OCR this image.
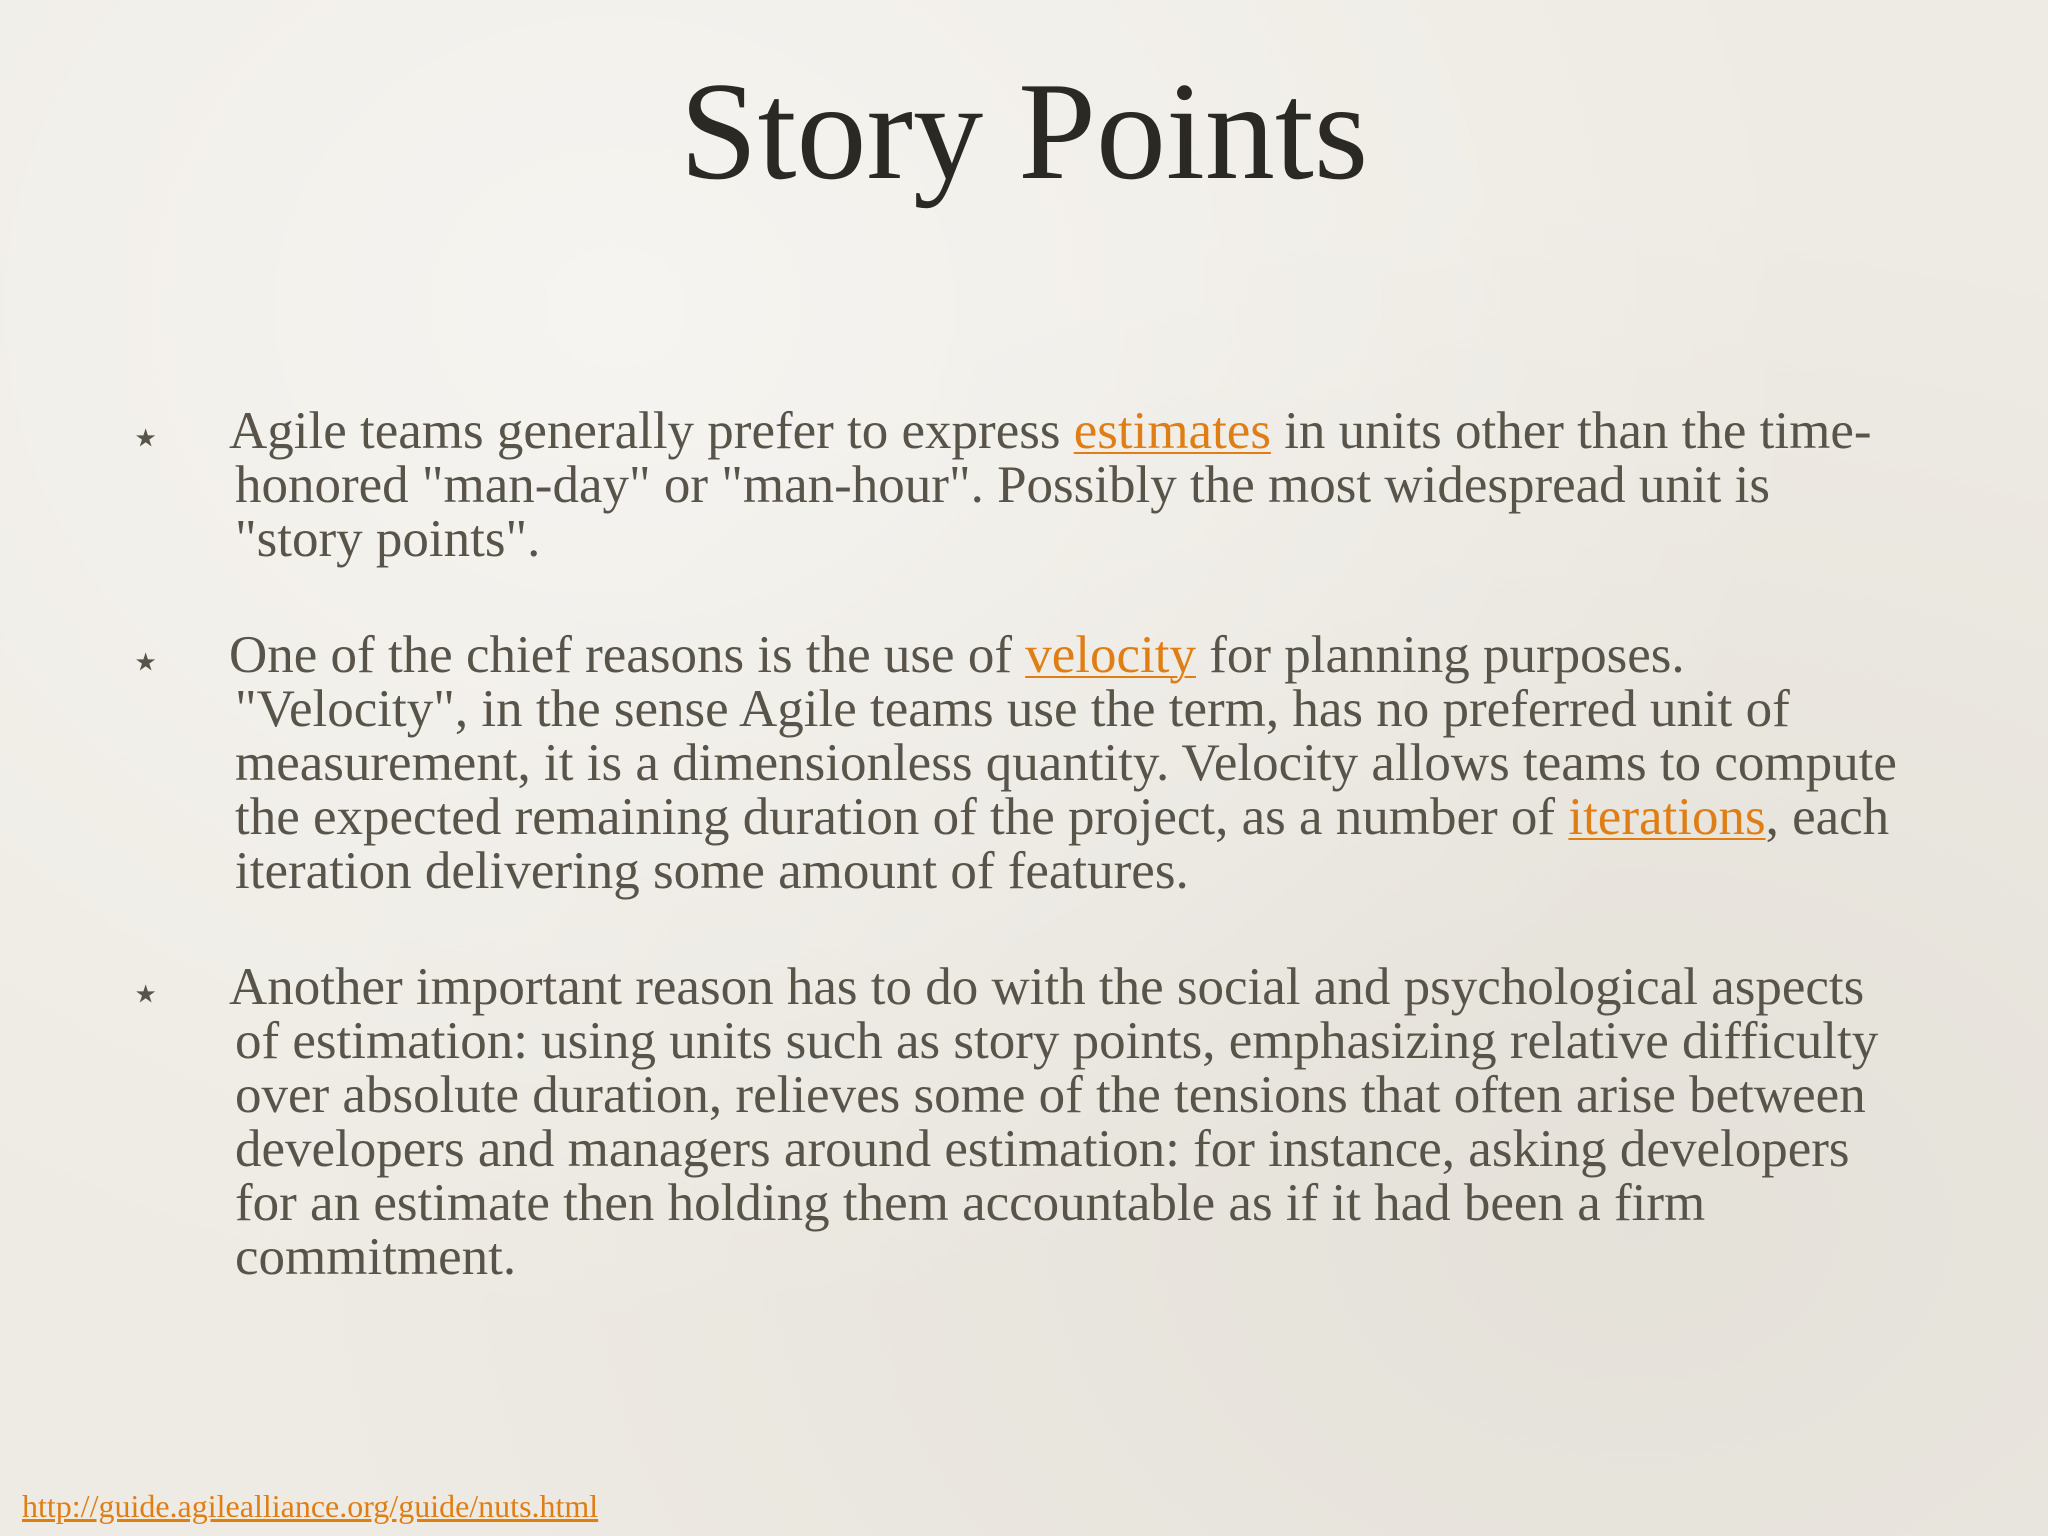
Story Points
⋆ Agile teams generally prefer to express estimates in units other than the time-honored "man-day" or "man-hour". Possibly the most widespread unit is "story points".
⋆ One of the chief reasons is the use of velocity for planning purposes. "Velocity", in the sense Agile teams use the term, has no preferred unit of measurement, it is a dimensionless quantity. Velocity allows teams to compute the expected remaining duration of the project, as a number of iterations, each iteration delivering some amount of features.
⋆ Another important reason has to do with the social and psychological aspects of estimation: using units such as story points, emphasizing relative difficulty over absolute duration, relieves some of the tensions that often arise between developers and managers around estimation: for instance, asking developers for an estimate then holding them accountable as if it had been a firm commitment.
http://guide.agilealliance.org/guide/nuts.html
